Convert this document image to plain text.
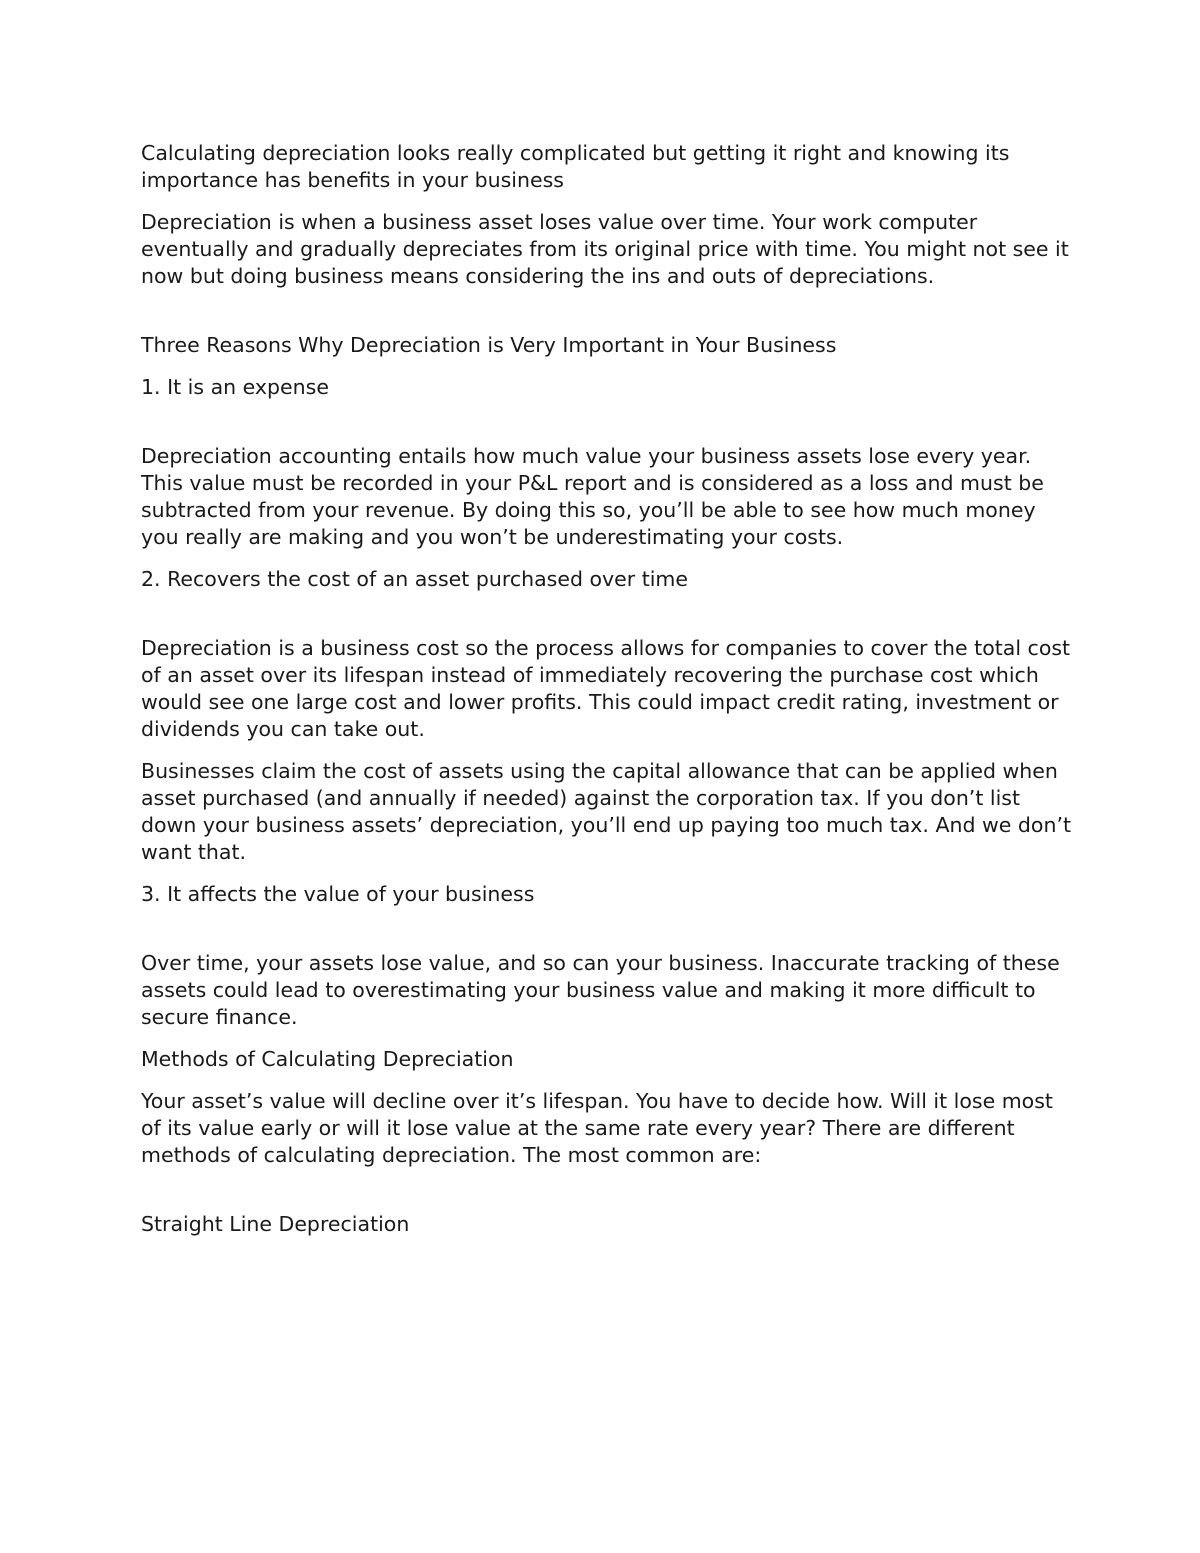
Calculating depreciation looks really complicated but getting it right and knowing its importance has benefits in your business

Depreciation is when a business asset loses value over time. Your work computer eventually and gradually depreciates from its original price with time. You might not see it now but doing business means considering the ins and outs of depreciations.

Three Reasons Why Depreciation is Very Important in Your Business

1. It is an expense

Depreciation accounting entails how much value your business assets lose every year. This value must be recorded in your P&L report and is considered as a loss and must be subtracted from your revenue. By doing this so, you’ll be able to see how much money you really are making and you won’t be underestimating your costs.

2. Recovers the cost of an asset purchased over time

Depreciation is a business cost so the process allows for companies to cover the total cost of an asset over its lifespan instead of immediately recovering the purchase cost which would see one large cost and lower profits. This could impact credit rating, investment or dividends you can take out.

Businesses claim the cost of assets using the capital allowance that can be applied when asset purchased (and annually if needed) against the corporation tax. If you don’t list down your business assets’ depreciation, you’ll end up paying too much tax. And we don’t want that.

3. It affects the value of your business

Over time, your assets lose value, and so can your business. Inaccurate tracking of these assets could lead to overestimating your business value and making it more difficult to secure finance.

Methods of Calculating Depreciation

Your asset’s value will decline over it’s lifespan. You have to decide how. Will it lose most of its value early or will it lose value at the same rate every year? There are different methods of calculating depreciation. The most common are:

Straight Line Depreciation
